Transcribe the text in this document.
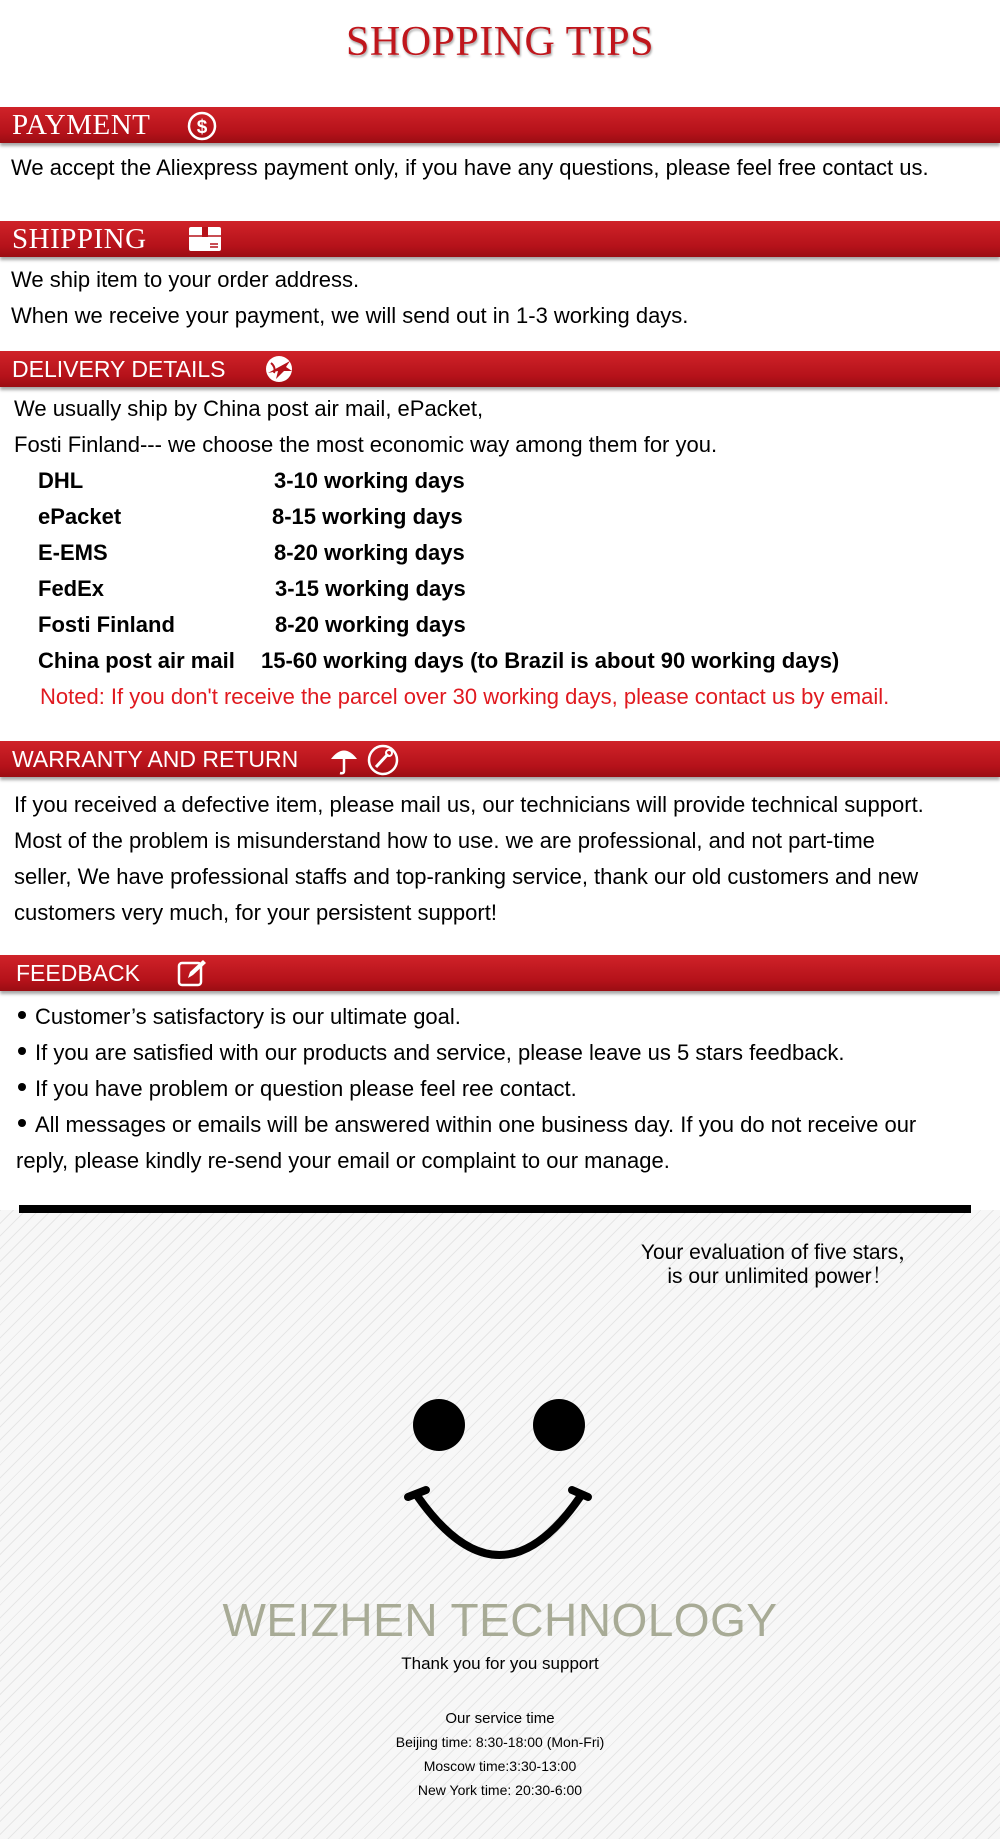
SHOPPING TIPS
PAYMENT $
We accept the Aliexpress payment only, if you have any questions, please feel free contact us.
SHIPPING
We ship item to your order address.
When we receive your payment, we will send out in 1-3 working days.
DELIVERY DETAILS
We usually ship by China post air mail, ePacket,
Fosti Finland--- we choose the most economic way among them for you.
DHL	3-10 working days
ePacket	8-15 working days
E-EMS	8-20 working days
FedEx	3-15 working days
Fosti Finland	8-20 working days
China post air mail 15-60 working days (to Brazil is about 90 working days)
Noted: If you don't receive the parcel over 30 working days, please contact us by email.
WARRANTY AND RETURN
If you received a defective item, please mail us, our technicians will provide technical support.
Most of the problem is misunderstand how to use. we are professional, and not part-time
seller, We have professional staffs and top-ranking service, thank our old customers and new
customers very much, for your persistent support!
FEEDBACK
Customer’s satisfactory is our ultimate goal.
If you are satisfied with our products and service, please leave us 5 stars feedback.
If you have problem or question please feel ree contact.
All messages or emails will be answered within one business day. If you do not receive our
reply, please kindly re-send your email or complaint to our manage.
Your evaluation of five stars，
is our unlimited power！
WEIZHEN TECHNOLOGY
Thank you for you support
Our service time
Beijing time: 8:30-18:00 (Mon-Fri)
Moscow time:3:30-13:00
New York time: 20:30-6:00
